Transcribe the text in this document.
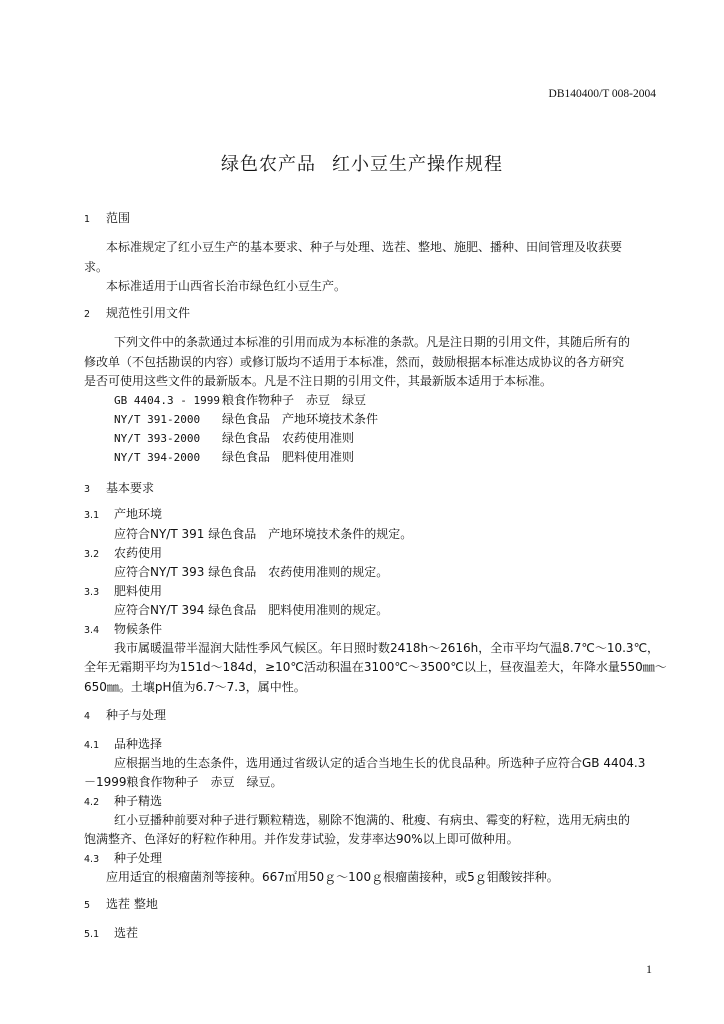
DB140400/T 008-2004
绿色农产品 红小豆生产操作规程
1 范围
本标准规定了红小豆生产的基本要求、种子与处理、选茬、整地、施肥、播种、田间管理及收获要
求。
本标准适用于山西省长治市绿色红小豆生产。
2 规范性引用文件
下列文件中的条款通过本标准的引用而成为本标准的条款。凡是注日期的引用文件，其随后所有的
修改单（不包括勘误的内容）或修订版均不适用于本标准，然而，鼓励根据本标准达成协议的各方研究
是否可使用这些文件的最新版本。凡是不注日期的引用文件，其最新版本适用于本标准。
GB 4404.3 - 1999 粮食作物种子　赤豆　绿豆
NY/T 391-2000 绿色食品　产地环境技术条件
NY/T 393-2000 绿色食品　农药使用准则
NY/T 394-2000 绿色食品　肥料使用准则
3 基本要求
3.1 产地环境
应符合NY/T 391 绿色食品　产地环境技术条件的规定。
3.2 农药使用
应符合NY/T 393 绿色食品　农药使用准则的规定。
3.3 肥料使用
应符合NY/T 394 绿色食品　肥料使用准则的规定。
3.4 物候条件
我市属暖温带半湿润大陆性季风气候区。年日照时数2418h～2616h，全市平均气温8.7℃～10.3℃，
全年无霜期平均为151d～184d，≥10℃活动积温在3100℃～3500℃以上，昼夜温差大，年降水量550㎜～
650㎜。土壤pH值为6.7～7.3，属中性。
4 种子与处理
4.1 品种选择
应根据当地的生态条件，选用通过省级认定的适合当地生长的优良品种。所选种子应符合GB 4404.3
－1999粮食作物种子　赤豆　绿豆。
4.2 种子精选
红小豆播种前要对种子进行颗粒精选，剔除不饱满的、秕瘦、有病虫、霉变的籽粒，选用无病虫的
饱满整齐、色泽好的籽粒作种用。并作发芽试验，发芽率达90%以上即可做种用。
4.3 种子处理
应用适宜的根瘤菌剂等接种。667㎡用50ｇ～100ｇ根瘤菌接种，或5ｇ钼酸铵拌种。
5 选茬 整地
5.1 选茬
1
